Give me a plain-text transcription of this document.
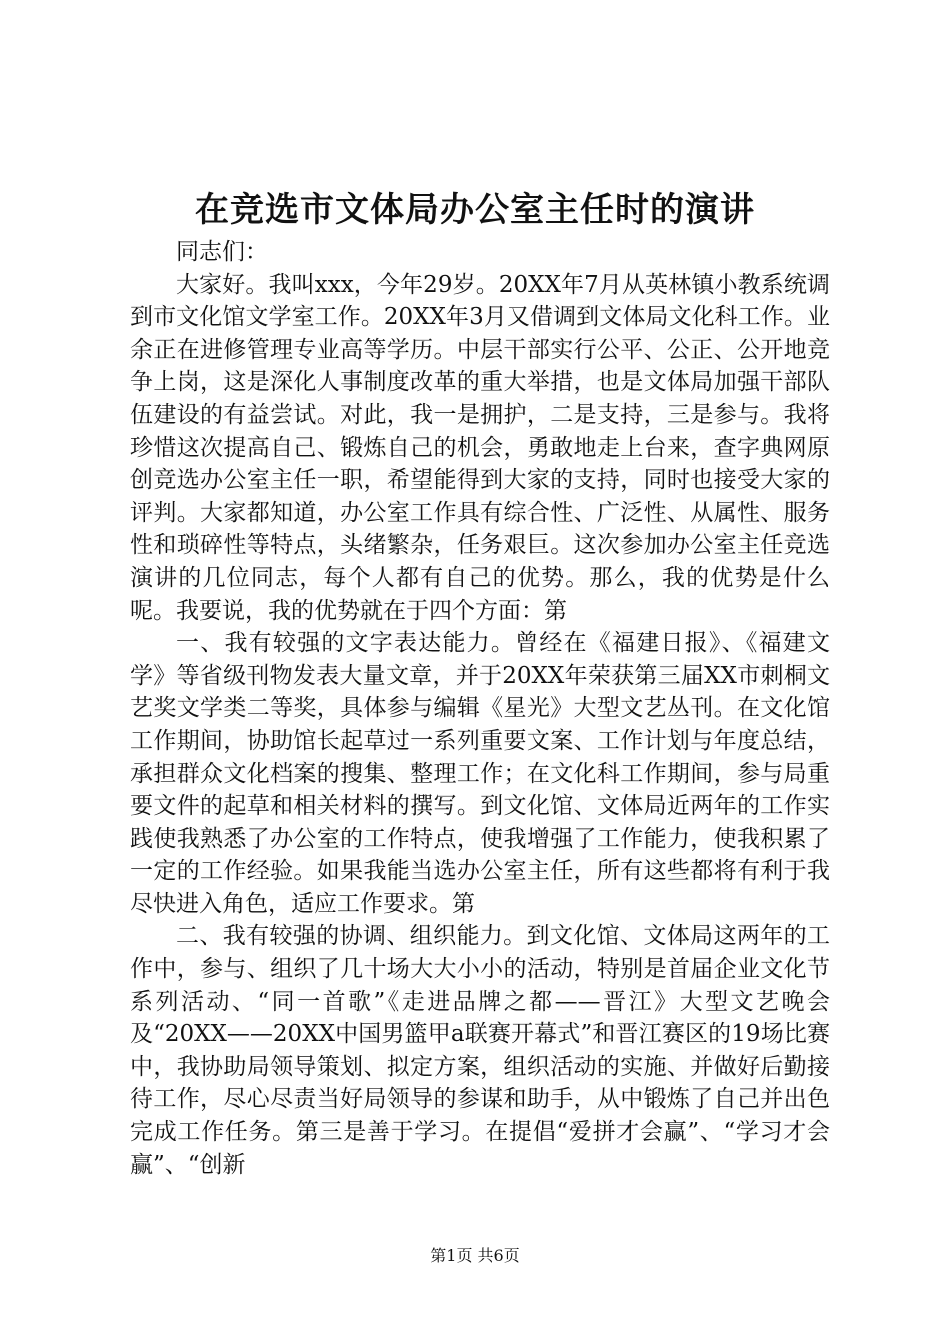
在竞选市文体局办公室主任时的演讲

同志们：

大家好。我叫xxx，今年29岁。20XX年7月从英林镇小教系统调到市文化馆文学室工作。20XX年3月又借调到文体局文化科工作。业余正在进修管理专业高等学历。中层干部实行公平、公正、公开地竞争上岗，这是深化人事制度改革的重大举措，也是文体局加强干部队伍建设的有益尝试。对此，我一是拥护，二是支持，三是参与。我将珍惜这次提高自己、锻炼自己的机会，勇敢地走上台来，查字典网原创竞选办公室主任一职，希望能得到大家的支持，同时也接受大家的评判。大家都知道，办公室工作具有综合性、广泛性、从属性、服务性和琐碎性等特点，头绪繁杂，任务艰巨。这次参加办公室主任竞选演讲的几位同志，每个人都有自己的优势。那么，我的优势是什么呢。我要说，我的优势就在于四个方面：第

一、我有较强的文字表达能力。曾经在《福建日报》、《福建文学》等省级刊物发表大量文章，并于20XX年荣获第三届XX市刺桐文艺奖文学类二等奖，具体参与编辑《星光》大型文艺丛刊。在文化馆工作期间，协助馆长起草过一系列重要文案、工作计划与年度总结，承担群众文化档案的搜集、整理工作；在文化科工作期间，参与局重要文件的起草和相关材料的撰写。到文化馆、文体局近两年的工作实践使我熟悉了办公室的工作特点，使我增强了工作能力，使我积累了一定的工作经验。如果我能当选办公室主任，所有这些都将有利于我尽快进入角色，适应工作要求。第

二、我有较强的协调、组织能力。到文化馆、文体局这两年的工作中，参与、组织了几十场大大小小的活动，特别是首届企业文化节系列活动、“同一首歌”《走进品牌之都——晋江》大型文艺晚会及“20XX——20XX中国男篮甲a联赛开幕式”和晋江赛区的19场比赛中，我协助局领导策划、拟定方案，组织活动的实施、并做好后勤接待工作，尽心尽责当好局领导的参谋和助手，从中锻炼了自己并出色完成工作任务。第三是善于学习。在提倡“爱拼才会赢”、“学习才会赢”、“创新

第1页 共6页
